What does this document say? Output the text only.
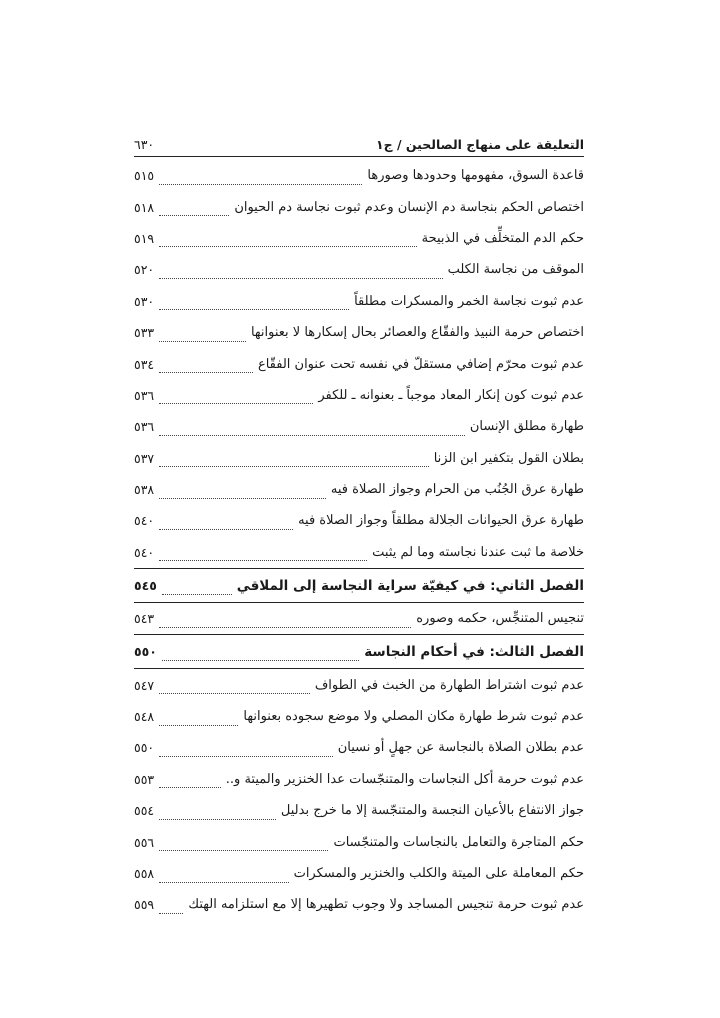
التعليقة على منهاج الصالحين / ج١
٦٣٠
قاعدة السوق، مفهومها وحدودها وصورها
٥١٥
اختصاص الحكم بنجاسة دم الإنسان وعدم ثبوت نجاسة دم الحيوان
٥١٨
حكم الدم المتخلِّف في الذبيحة
٥١٩
الموقف من نجاسة الكلب
٥٢٠
عدم ثبوت نجاسة الخمر والمسكرات مطلقاً
٥٣٠
اختصاص حرمة النبيذ والفقّاع والعصائر بحال إسكارها لا بعنوانها
٥٣٣
عدم ثبوت محرّم إضافي مستقلّ في نفسه تحت عنوان الفقّاع
٥٣٤
عدم ثبوت كون إنكار المعاد موجباً ـ بعنوانه ـ للكفر
٥٣٦
طهارة مطلق الإنسان
٥٣٦
بطلان القول بتكفير ابن الزنا
٥٣٧
طهارة عرق الجُنُب من الحرام وجواز الصلاة فيه
٥٣٨
طهارة عرق الحيوانات الجلالة مطلقاً وجواز الصلاة فيه
٥٤٠
خلاصة ما ثبت عندنا نجاسته وما لم يثبت
٥٤٠
الفصل الثاني: في كيفيّة سراية النجاسة إلى الملاقي
٥٤٥
تنجيس المتنجِّس، حكمه وصوره
٥٤٣
الفصل الثالث: في أحكام النجاسة
٥٥٠
عدم ثبوت اشتراط الطهارة من الخبث في الطواف
٥٤٧
عدم ثبوت شرط طهارة مكان المصلي ولا موضع سجوده بعنوانها
٥٤٨
عدم بطلان الصلاة بالنجاسة عن جهلٍ أو نسيان
٥٥٠
عدم ثبوت حرمة أكل النجاسات والمتنجّسات عدا الخنزير والميتة و..
٥٥٣
جواز الانتفاع بالأعيان النجسة والمتنجّسة إلا ما خرج بدليل
٥٥٤
حكم المتاجرة والتعامل بالنجاسات والمتنجّسات
٥٥٦
حكم المعاملة على الميتة والكلب والخنزير والمسكرات
٥٥٨
عدم ثبوت حرمة تنجيس المساجد ولا وجوب تطهيرها إلا مع استلزامه الهتك
٥٥٩
